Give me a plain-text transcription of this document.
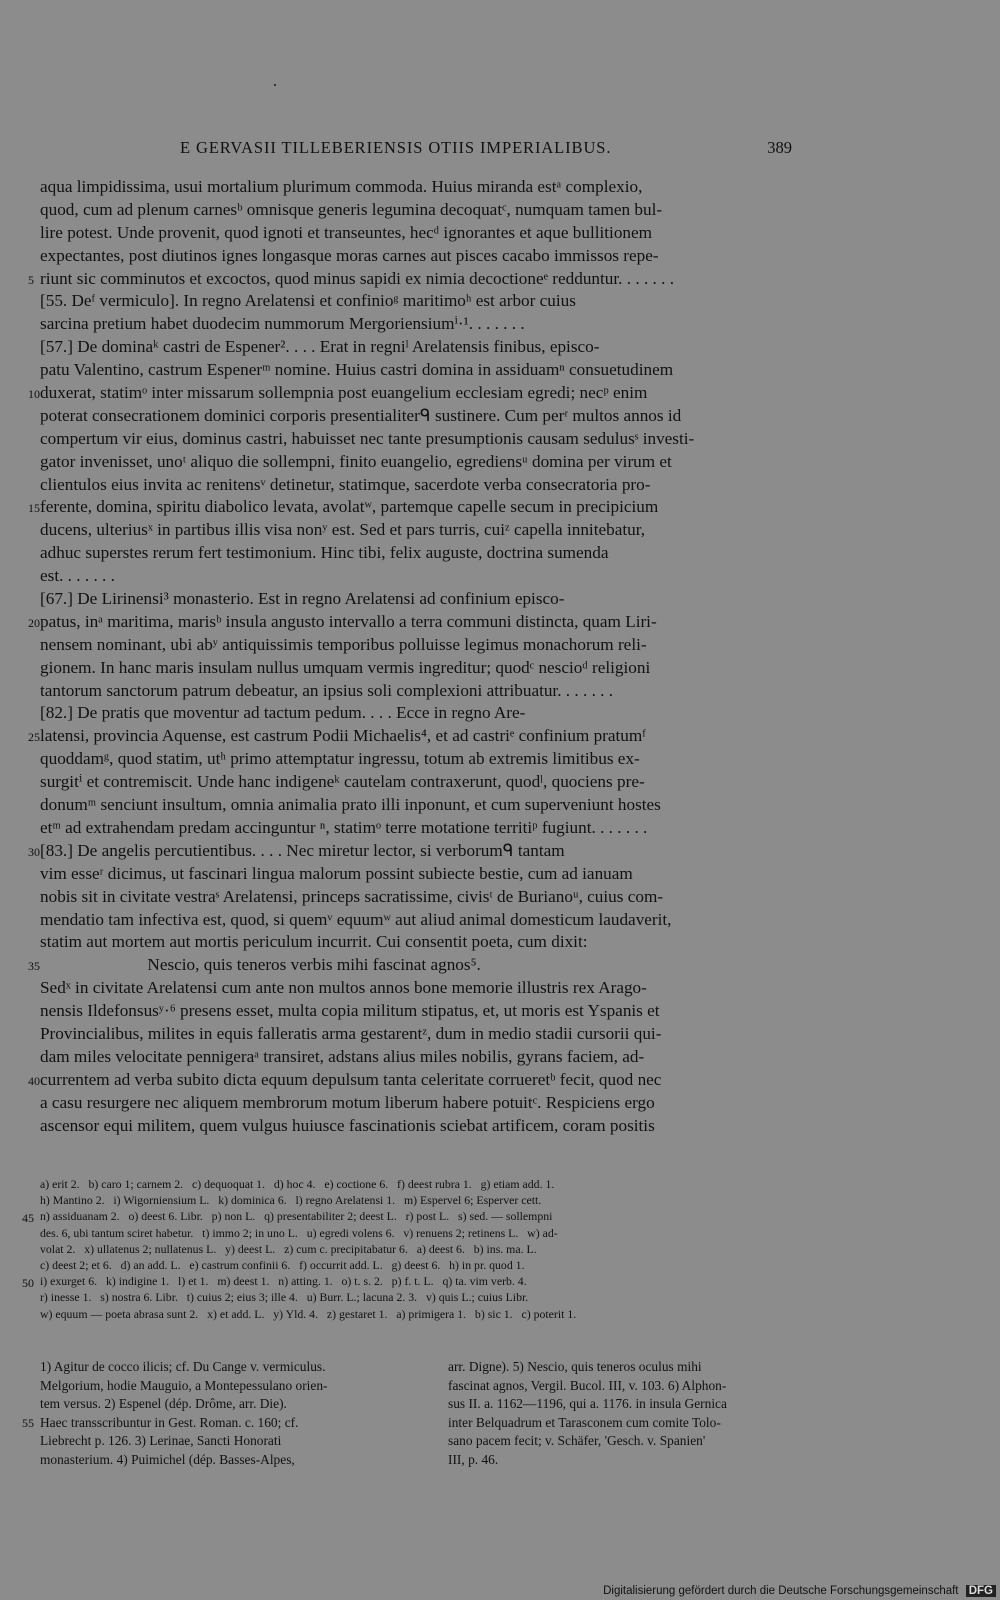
E GERVASII TILLEBERIENSIS OTIIS IMPERIALIBUS.	389
aqua limpidissima, usui mortalium plurimum commoda. Huius miranda estᵃ complexio,
quod, cum ad plenum carnesᵇ omnisque generis legumina decoquatᶜ, numquam tamen bul-
lire potest. Unde provenit, quod ignoti et transeuntes, hecᵈ ignorantes et aque bullitionem
expectantes, post diutinos ignes longasque moras carnes aut pisces cacabo immissos repe-
5 riunt sic comminutos et excoctos, quod minus sapidi ex nimia decoctioneᵉ redduntur. . . . . . .
[55. Deᶠ vermiculo]. In regno Arelatensi et confinioᵍ maritimoʰ est arbor cuius
sarcina pretium habet duodecim nummorum Mergoriensiumⁱ·¹. . . . . . .
[57.] De dominaᵏ castri de Espener². . . . Erat in regniˡ Arelatensis finibus, episco-
patu Valentino, castrum Espenerᵐ nomine. Huius castri domina in assiduamⁿ consuetudinem
10 duxerat, statimᵒ inter missarum sollempnia post euangelium ecclesiam egredi; necᵖ enim
poterat consecrationem dominici corporis presentialiterᑫ sustinere. Cum perʳ multos annos id
compertum vir eius, dominus castri, habuisset nec tante presumptionis causam sedulusˢ investi-
gator invenisset, unoᵗ aliquo die sollempni, finito euangelio, egrediensᵘ domina per virum et
clientulos eius invita ac renitensᵛ detinetur, statimque, sacerdote verba consecratoria pro-
15 ferente, domina, spiritu diabolico levata, avolatʷ, partemque capelle secum in precipicium
ducens, ulteriusˣ in partibus illis visa nonʸ est. Sed et pars turris, cuiᶻ capella innitebatur,
adhuc superstes rerum fert testimonium. Hinc tibi, felix auguste, doctrina sumenda
est. . . . . . .
[67.] De Lirinensi³ monasterio. Est in regno Arelatensi ad confinium episco-
20 patus, inᵃ maritima, marisᵇ insula angusto intervallo a terra communi distincta, quam Liri-
nensem nominant, ubi abʸ antiquissimis temporibus polluisse legimus monachorum reli-
gionem. In hanc maris insulam nullus umquam vermis ingreditur; quodᶜ nescioᵈ religioni
tantorum sanctorum patrum debeatur, an ipsius soli complexioni attribuatur. . . . . . .
[82.] De pratis que moventur ad tactum pedum. . . . Ecce in regno Are-
25 latensi, provincia Aquense, est castrum Podii Michaelis⁴, et ad castriᵉ confinium pratumᶠ
quoddamᵍ, quod statim, utʰ primo attemptatur ingressu, totum ab extremis limitibus ex-
surgitⁱ et contremiscit. Unde hanc indigeneᵏ cautelam contraxerunt, quodˡ, quociens pre-
donumᵐ senciunt insultum, omnia animalia prato illi inponunt, et cum superveniunt hostes
etᵐ ad extrahendam predam accinguntur ⁿ, statimᵒ terre motatione territiᵖ fugiunt. . . . . . .
30 [83.] De angelis percutientibus. . . . Nec miretur lector, si verborumᑫ tantam
vim esseʳ dicimus, ut fascinari lingua malorum possint subiecte bestie, cum ad ianuam
nobis sit in civitate vestraˢ Arelatensi, princeps sacratissime, civisᵗ de Burianoᵘ, cuius com-
mendatio tam infectiva est, quod, si quemᵛ equumʷ aut aliud animal domesticum laudaverit,
statim aut mortem aut mortis periculum incurrit. Cui consentit poeta, cum dixit:
35 Nescio, quis teneros verbis mihi fascinat agnos⁵.
Sedˣ in civitate Arelatensi cum ante non multos annos bone memorie illustris rex Arago-
nensis Ildefonsusʸ·⁶ presens esset, multa copia militum stipatus, et, ut moris est Yspanis et
Provincialibus, milites in equis falleratis arma gestarentᶻ, dum in medio stadii cursorii qui-
dam miles velocitate pennigeraᵃ transiret, adstans alius miles nobilis, gyrans faciem, ad-
40 currentem ad verba subito dicta equum depulsum tanta celeritate corrueretᵇ fecit, quod nec
a casu resurgere nec aliquem membrorum motum liberum habere potuitᶜ. Respiciens ergo
ascensor equi militem, quem vulgus huiusce fascinationis sciebat artificem, coram positis
a) erit 2.   b) caro 1; carnem 2.   c) dequoquat 1.   d) hoc 4.   e) coctione 6.   f) deest rubra 1.   g) etiam add. 1.
h) Mantino 2.   i) Wigorniensium L.   k) dominica 6.   l) regno Arelatensi 1.   m) Espervel 6; Esperver cett.
45 n) assiduanam 2.   o) deest 6. Libr.   p) non L.   q) presentabiliter 2; deest L.   r) post L.   s) sed. — sollempni
des. 6, ubi tantum sciret habetur.   t) immo 2; in uno L.   u) egredi volens 6.   v) renuens 2; retinens L.   w) ad-
volat 2.   x) ullatenus 2; nullatenus L.   y) deest L.   z) cum c. precipitabatur 6.   a) deest 6.   b) ins. ma. L.
c) deest 2; et 6.   d) an add. L.   e) castrum confinii 6.   f) occurrit add. L.   g) deest 6.   h) in pr. quod 1.
50 i) exurget 6.   k) indigine 1.   l) et 1.   m) deest 1.   n) atting. 1.   o) t. s. 2.   p) f. t. L.   q) ta. vim verb. 4.
r) inesse 1.   s) nostra 6. Libr.   t) cuius 2; eius 3; ille 4.   u) Burr. L.; lacuna 2. 3.   v) quis L.; cuius Libr.
w) equum — poeta abrasa sunt 2.   x) et add. L.   y) Yld. 4.   z) gestaret 1.   a) primigera 1.   b) sic 1.   c) poterit 1.
1) Agitur de cocco ilicis; cf. Du Cange v. vermiculus.
Melgorium, hodie Mauguio, a Montepessulano orien-
tem versus. 2) Espenel (dép. Drôme, arr. Die).
55 Haec transscribuntur in Gest. Roman. c. 160; cf.
Liebrecht p. 126. 3) Lerinae, Sancti Honorati
monasterium. 4) Puimichel (dép. Basses-Alpes,
arr. Digne). 5) Nescio, quis teneros oculus mihi
fascinat agnos, Vergil. Bucol. III, v. 103. 6) Alphon-
sus II. a. 1162—1196, qui a. 1176. in insula Gernica
inter Belquadrum et Tarasconem cum comite Tolo-
sano pacem fecit; v. Schäfer, 'Gesch. v. Spanien'
III, p. 46.
Digitalisierung gefördert durch die Deutsche Forschungsgemeinschaft DFG
